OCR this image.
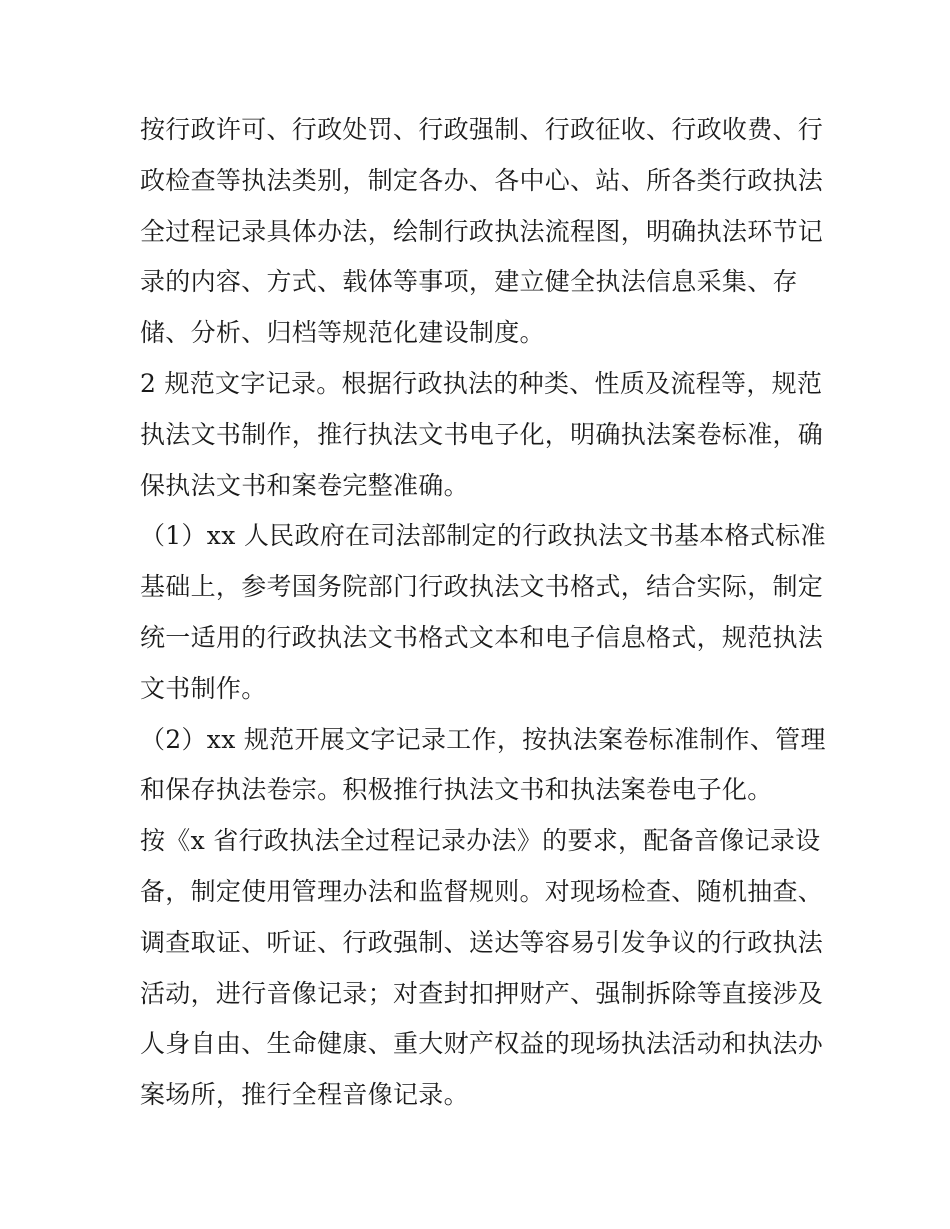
按行政许可、行政处罚、行政强制、行政征收、行政收费、行
政检查等执法类别，制定各办、各中心、站、所各类行政执法
全过程记录具体办法，绘制行政执法流程图，明确执法环节记
录的内容、方式、载体等事项，建立健全执法信息采集、存
储、分析、归档等规范化建设制度。
2 规范文字记录。根据行政执法的种类、性质及流程等，规范
执法文书制作，推行执法文书电子化，明确执法案卷标准，确
保执法文书和案卷完整准确。
（1）xx 人民政府在司法部制定的行政执法文书基本格式标准
基础上，参考国务院部门行政执法文书格式，结合实际，制定
统一适用的行政执法文书格式文本和电子信息格式，规范执法
文书制作。
（2）xx 规范开展文字记录工作，按执法案卷标准制作、管理
和保存执法卷宗。积极推行执法文书和执法案卷电子化。
按《x 省行政执法全过程记录办法》的要求，配备音像记录设
备，制定使用管理办法和监督规则。对现场检查、随机抽查、
调查取证、听证、行政强制、送达等容易引发争议的行政执法
活动，进行音像记录；对查封扣押财产、强制拆除等直接涉及
人身自由、生命健康、重大财产权益的现场执法活动和执法办
案场所，推行全程音像记录。
